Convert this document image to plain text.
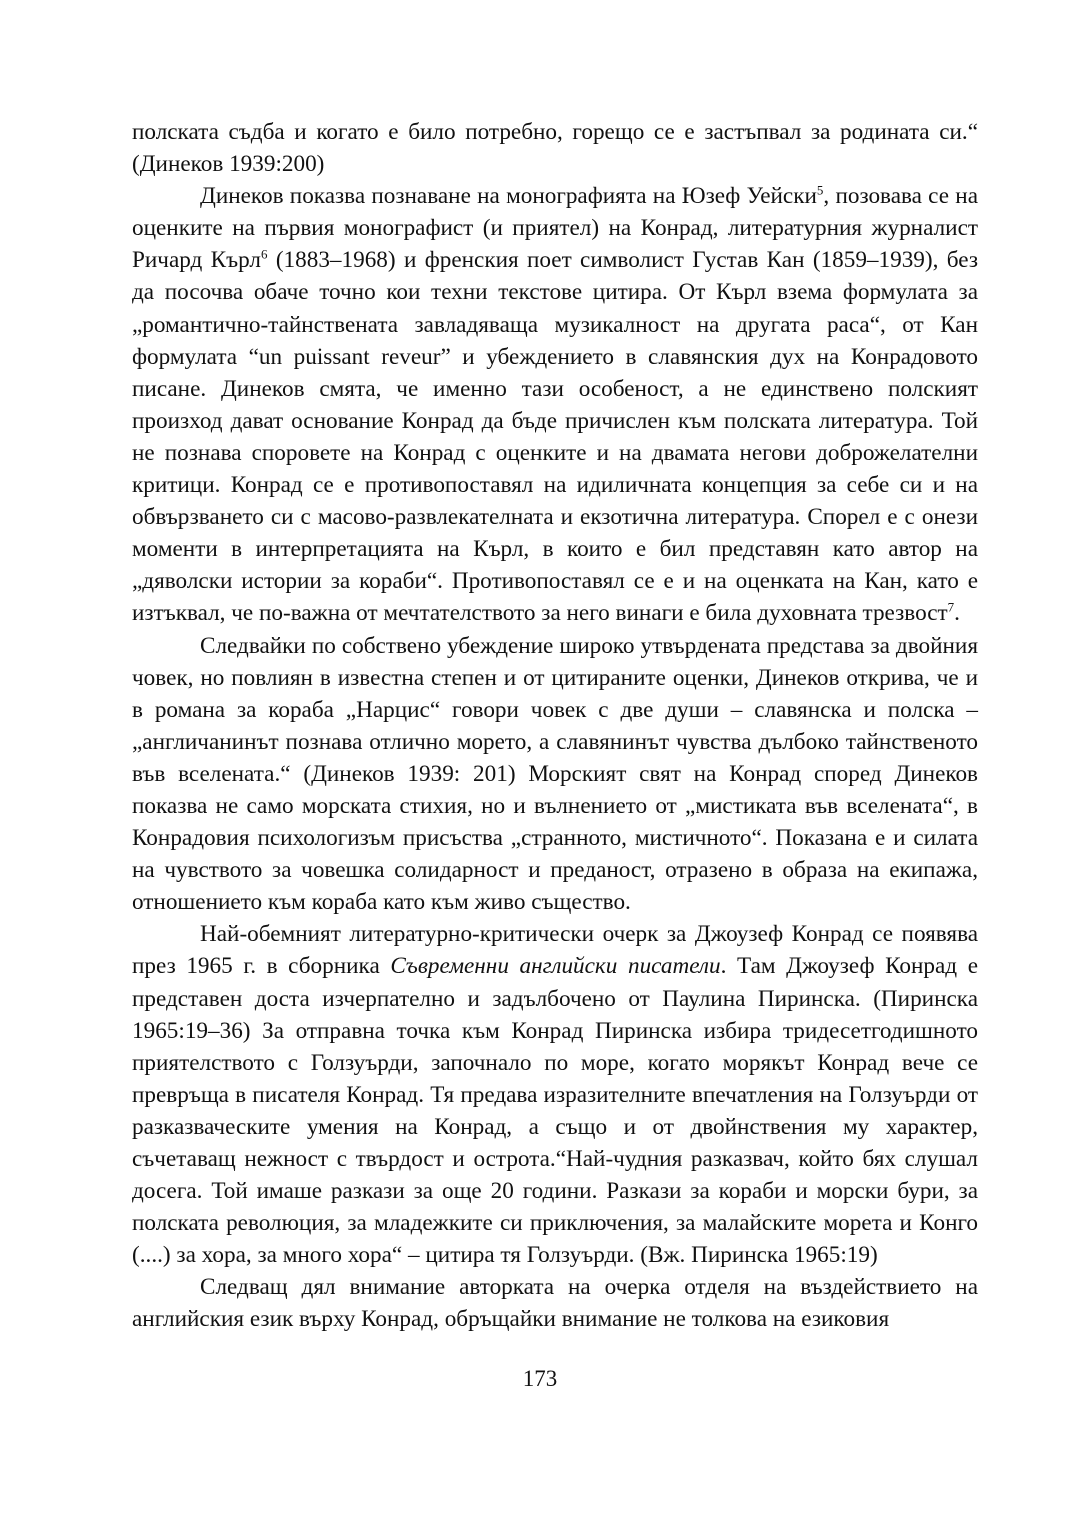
полската съдба и когато е било потребно, горещо се е застъпвал за родината си.“ (Динеков 1939:200)

Динеков показва познаване на монографията на Юзеф Уейски$^5$, позовава се на оценките на първия монографист (и приятел) на Конрад, литературния журналист Ричард Кърл$^6$ (1883–1968) и френския поет символист Густав Кан (1859–1939), без да посочва обаче точно кои техни текстове цитира. От Кърл взема формулата за „романтично-тайнствената завладяваща музикалност на другата раса“, от Кан формулата “un puissant reveur” и убеждението в славянския дух на Конрадовото писане. Динеков смята, че именно тази особеност, а не единствено полският произход дават основание Конрад да бъде причислен към полската литература. Той не познава споровете на Конрад с оценките и на двамата негови доброжелателни критици. Конрад се е противопоставял на идиличната концепция за себе си и на обвързването си с масово-развлекателната и екзотична литература. Спорел е с онези моменти в интерпретацията на Кърл, в които е бил представян като автор на „дяволски истории за кораби“. Противопоставял се е и на оценката на Кан, като е изтъквал, че по-важна от мечтателството за него винаги е била духовната трезвост$^7$.

Следвайки по собствено убеждение широко утвърдената представа за двойния човек, но повлиян в известна степен и от цитираните оценки, Динеков открива, че и в романа за кораба „Нарцис“ говори човек с две души – славянска и полска – „англичанинът познава отлично морето, а славянинът чувства дълбоко тайнственото във вселената.“ (Динеков 1939: 201) Морският свят на Конрад според Динеков показва не само морската стихия, но и вълнението от „мистиката във вселената“, в Конрадовия психологизъм присъства „странното, мистичното“. Показана е и силата на чувството за човешка солидарност и преданост, отразено в образа на екипажа, отношението към кораба като към живо същество.

Най-обемният литературно-критически очерк за Джоузеф Конрад се появява през 1965 г. в сборника Съвременни английски писатели. Там Джоузеф Конрад е представен доста изчерпателно и задълбочено от Паулина Пиринска. (Пиринска 1965:19–36) За отправна точка към Конрад Пиринска избира тридесетгодишното приятелството с Голзуърди, започнало по море, когато морякът Конрад вече се превръща в писателя Конрад. Тя предава изразителните впечатления на Голзуърди от разказваческите умения на Конрад, а също и от двойнствения му характер, съчетаващ нежност с твърдост и острота.“Най-чудния разказвач, който бях слушал досега. Той имаше разкази за още 20 години. Разкази за кораби и морски бури, за полската революция, за младежките си приключения, за малайските морета и Конго (....) за хора, за много хора“ – цитира тя Голзуърди. (Вж. Пиринска 1965:19)

Следващ дял внимание авторката на очерка отделя на въздействието на английския език върху Конрад, обръщайки внимание не толкова на езиковия

173
